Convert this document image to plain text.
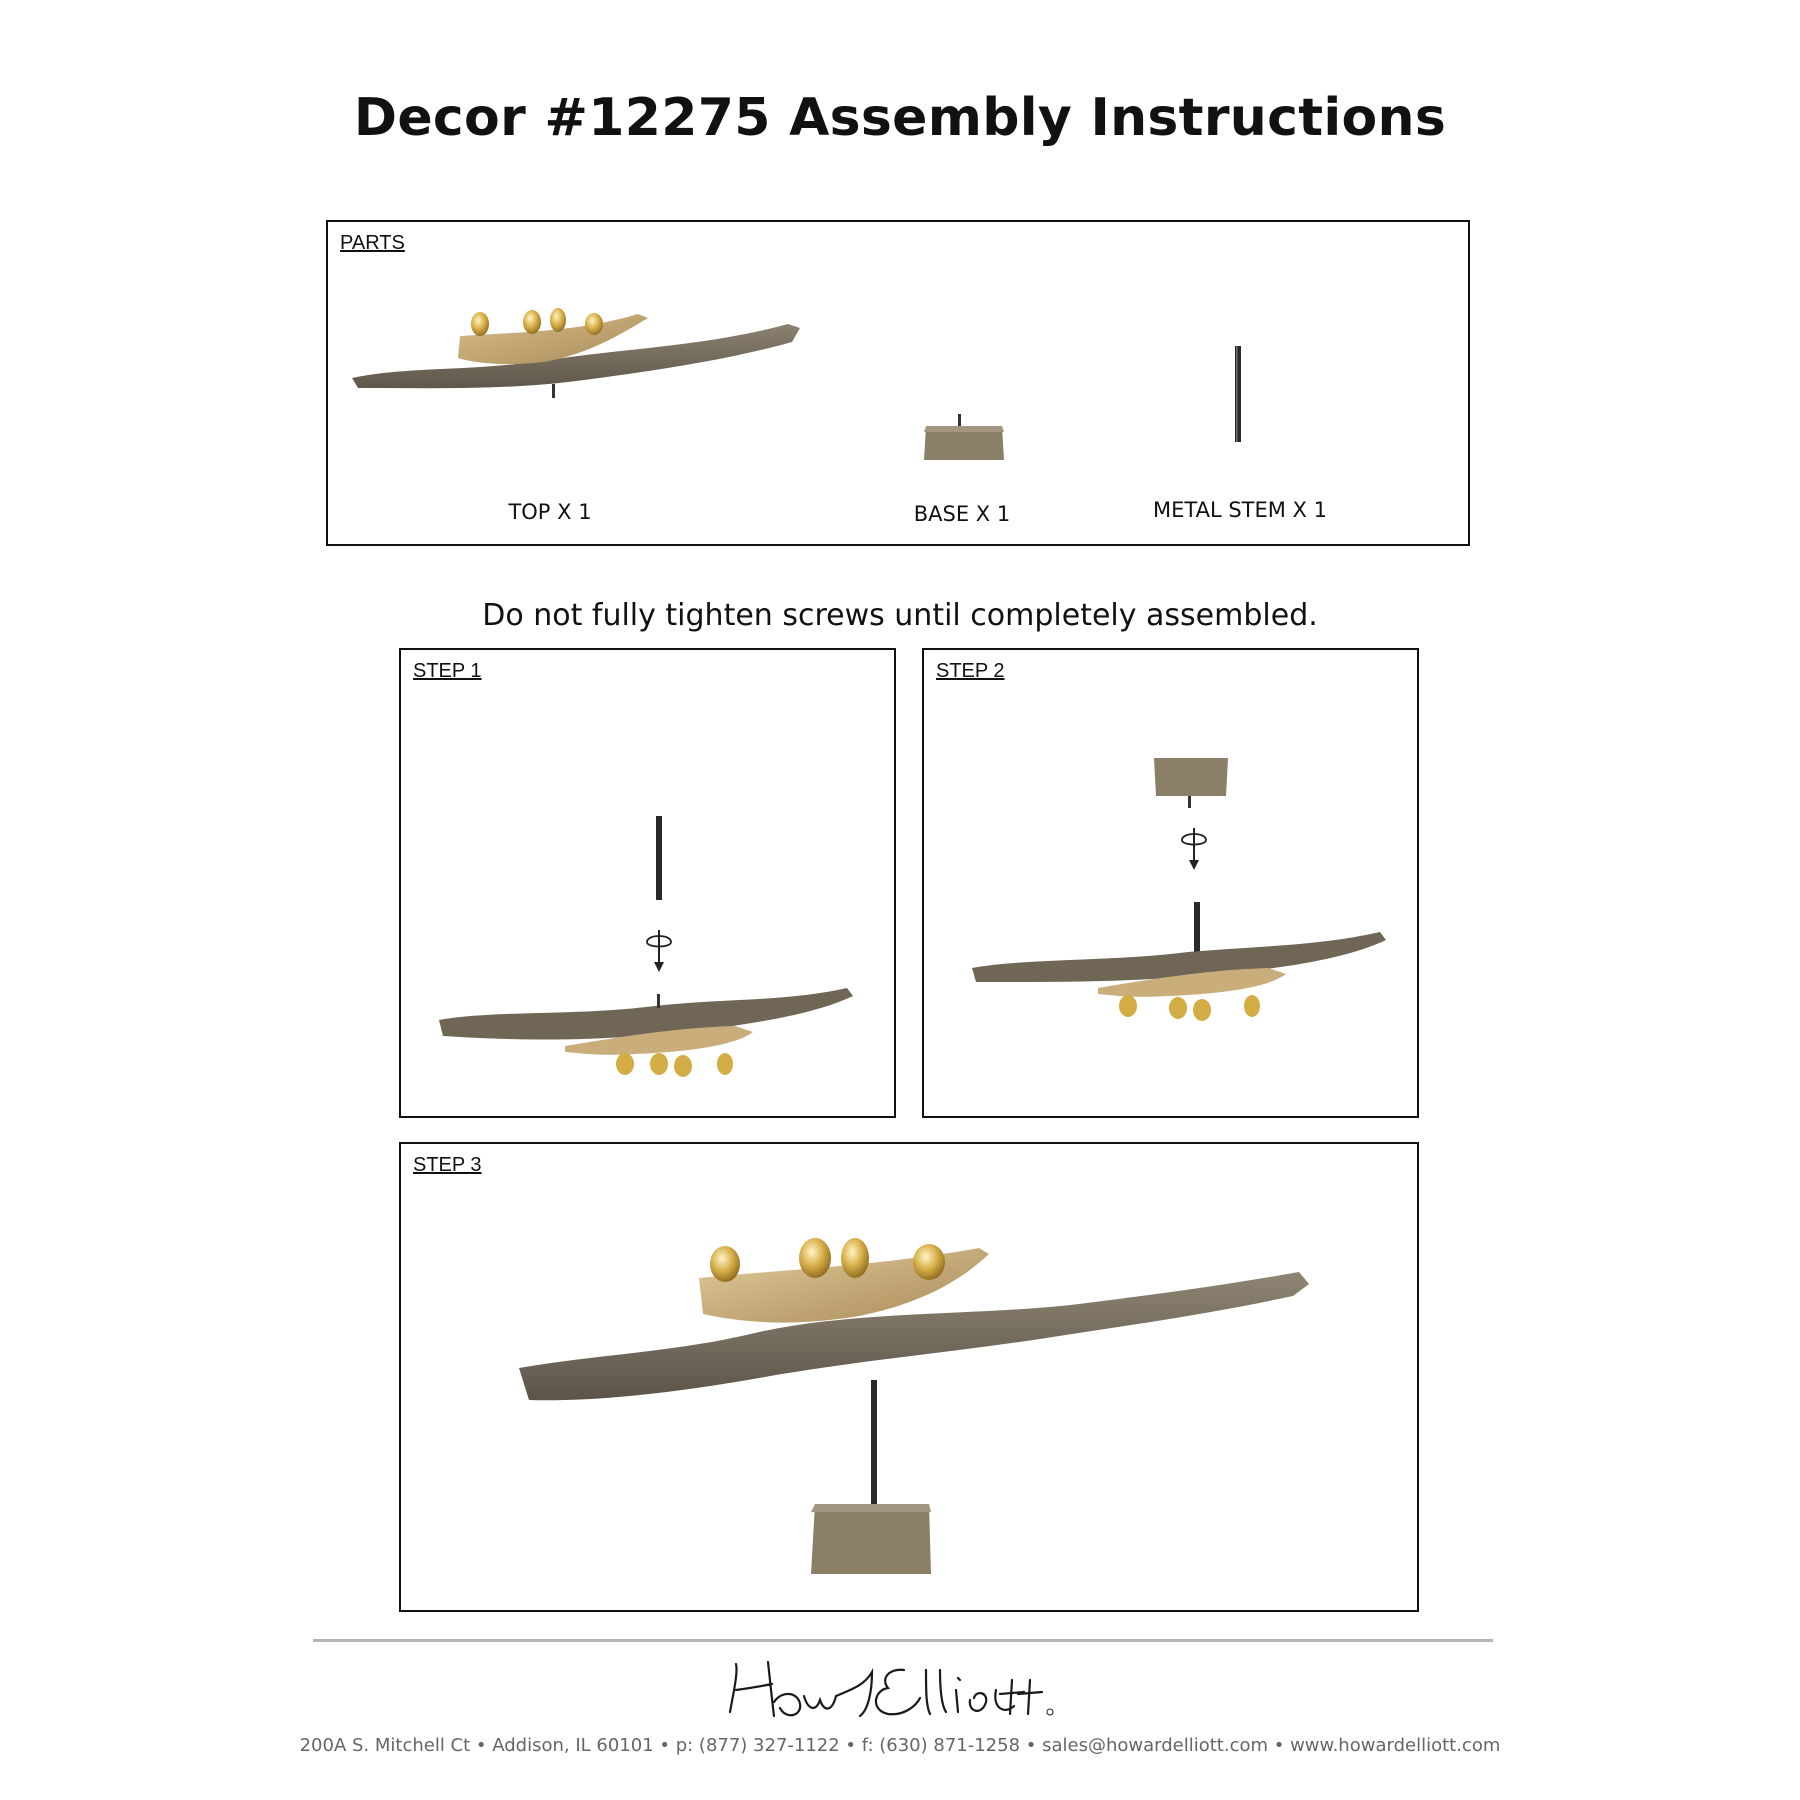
Decor #12275 Assembly Instructions
PARTS
TOP X 1	BASE X 1	METAL STEM X 1
Do not fully tighten screws until completely assembled.
STEP 1	STEP 2
STEP 3
200A S. Mitchell Ct • Addison, IL 60101 • p: (877) 327-1122 • f: (630) 871-1258 • sales@howardelliott.com • www.howardelliott.com
